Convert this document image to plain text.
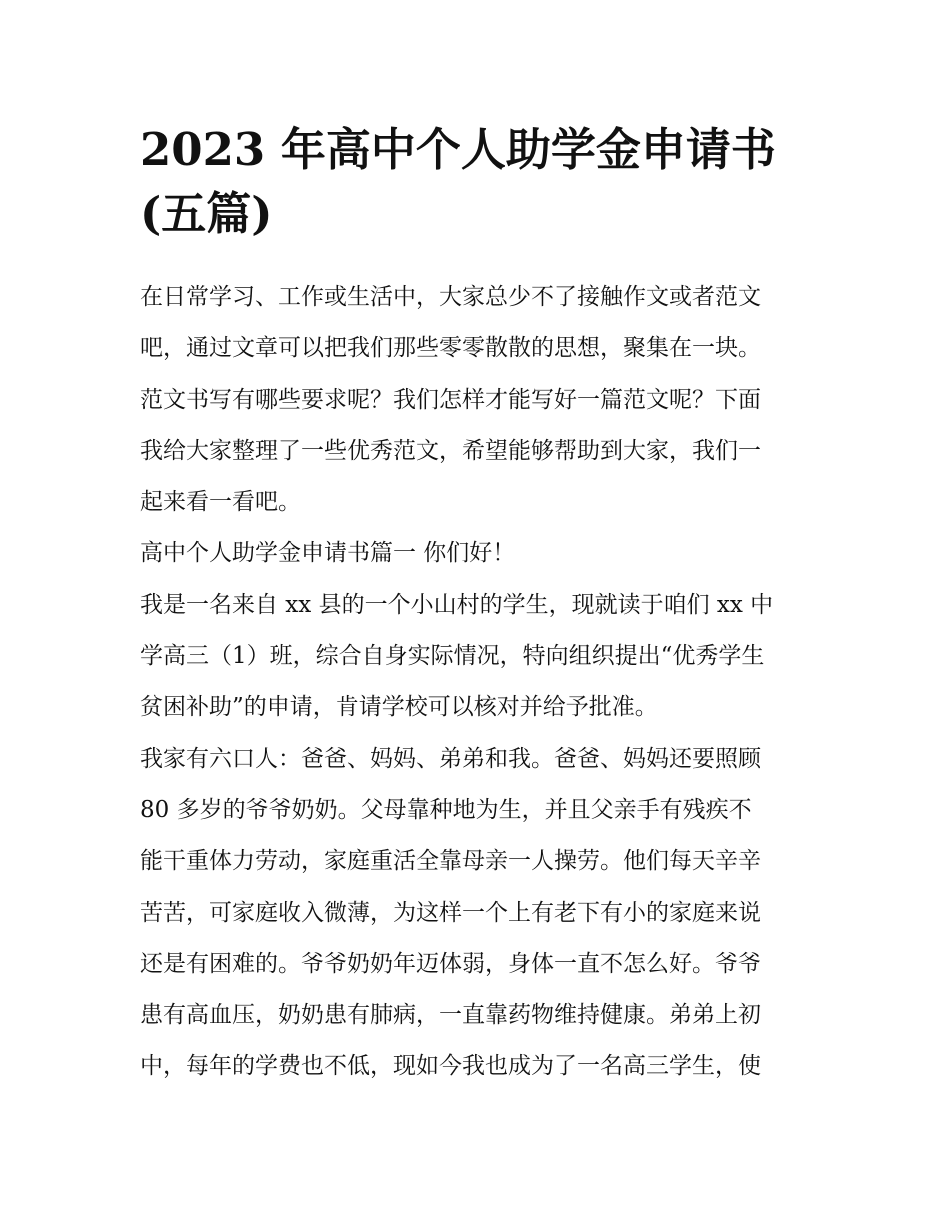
2023 年高中个人助学金申请书
(五篇)

在日常学习、工作或生活中，大家总少不了接触作文或者范文
吧，通过文章可以把我们那些零零散散的思想，聚集在一块。
范文书写有哪些要求呢？我们怎样才能写好一篇范文呢？下面
我给大家整理了一些优秀范文，希望能够帮助到大家，我们一
起来看一看吧。

高中个人助学金申请书篇一 你们好！

我是一名来自 xx 县的一个小山村的学生，现就读于咱们 xx 中
学高三（1）班，综合自身实际情况，特向组织提出“优秀学生
贫困补助”的申请，肯请学校可以核对并给予批准。

我家有六口人：爸爸、妈妈、弟弟和我。爸爸、妈妈还要照顾
80 多岁的爷爷奶奶。父母靠种地为生，并且父亲手有残疾不
能干重体力劳动，家庭重活全靠母亲一人操劳。他们每天辛辛
苦苦，可家庭收入微薄，为这样一个上有老下有小的家庭来说
还是有困难的。爷爷奶奶年迈体弱，身体一直不怎么好。爷爷
患有高血压，奶奶患有肺病，一直靠药物维持健康。弟弟上初
中，每年的学费也不低，现如今我也成为了一名高三学生，使
